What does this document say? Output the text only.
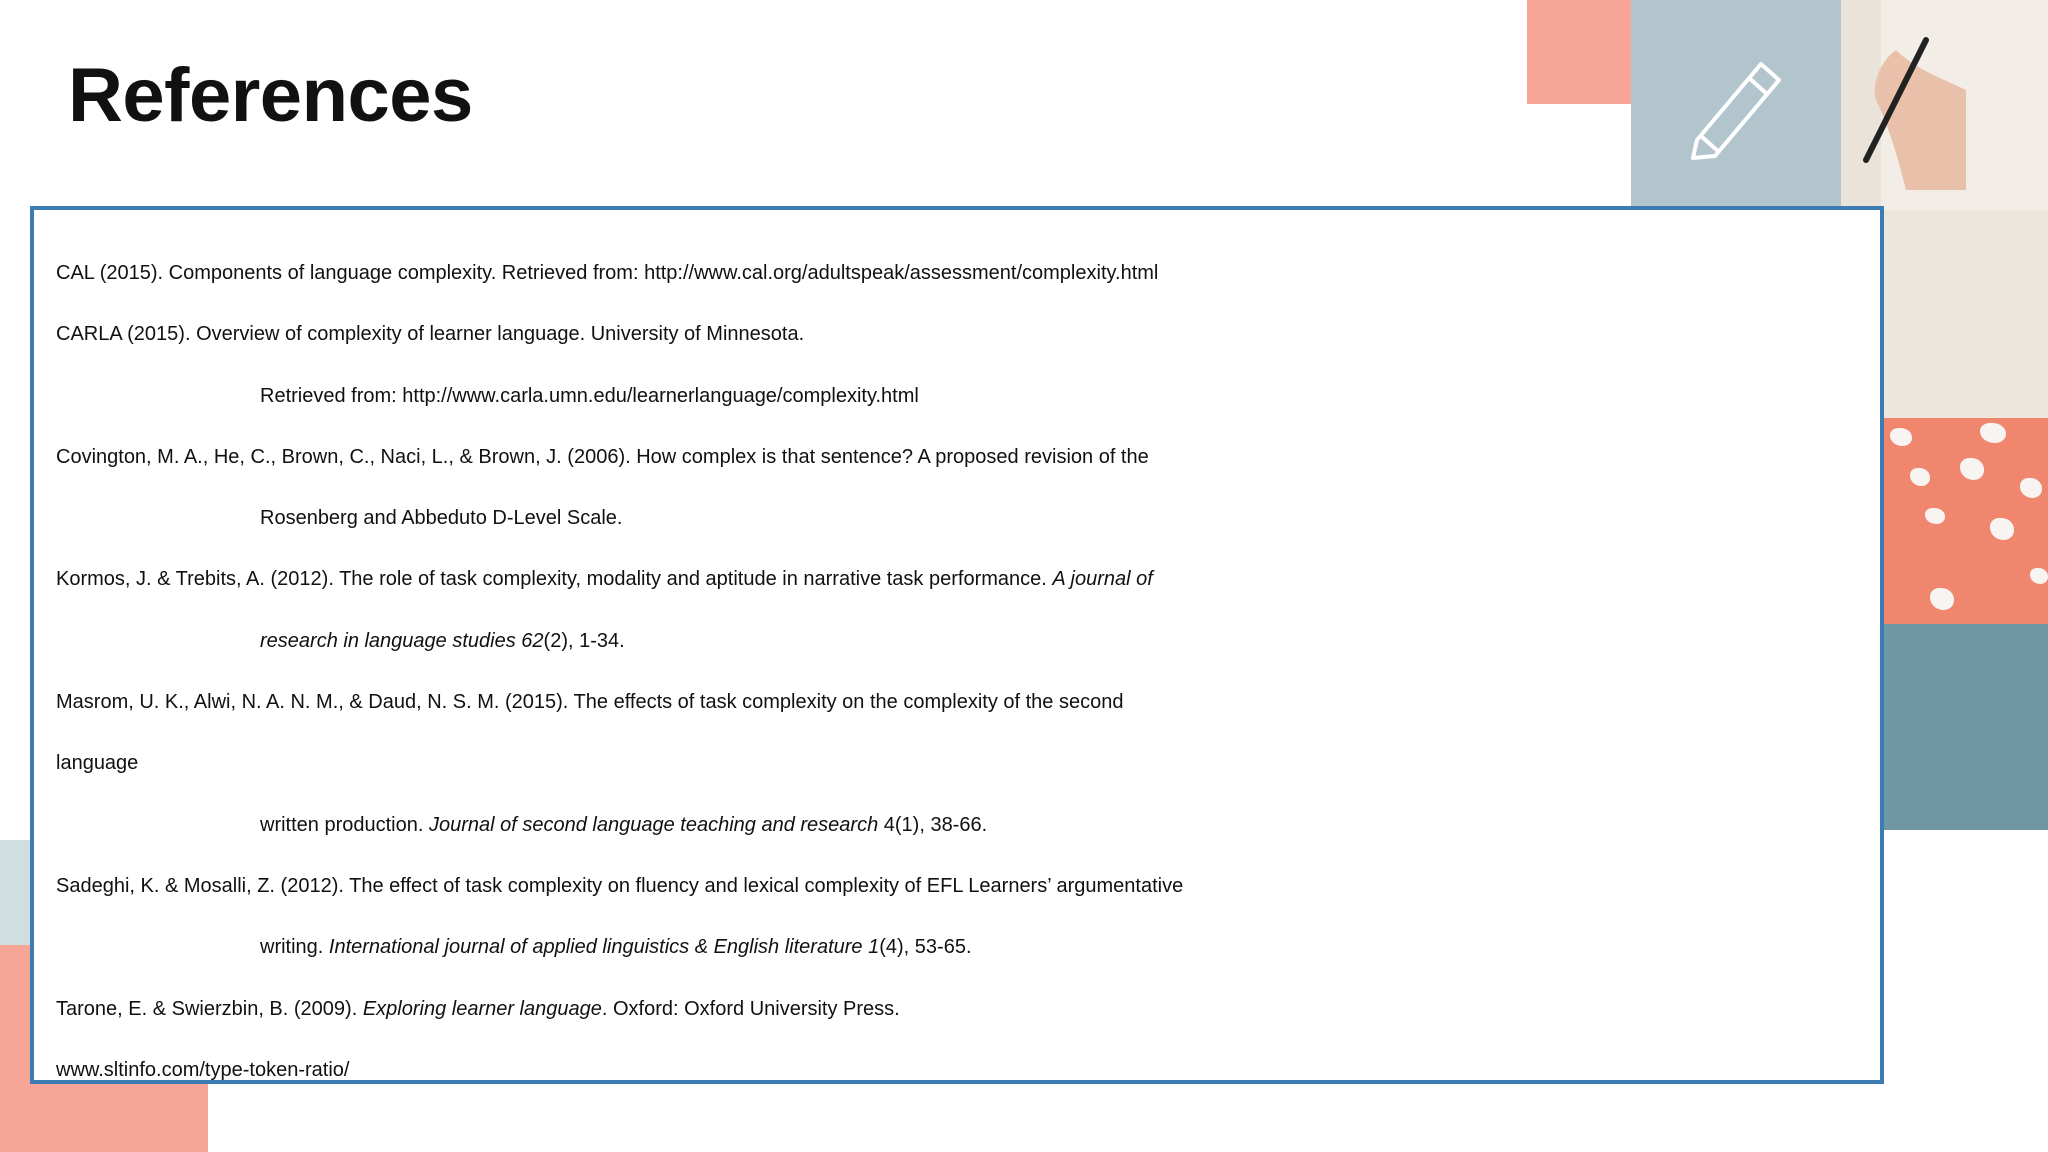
References
CAL (2015). Components of language complexity. Retrieved from: http://www.cal.org/adultspeak/assessment/complexity.html
CARLA (2015). Overview of complexity of learner language. University of Minnesota.
Retrieved from: http://www.carla.umn.edu/learnerlanguage/complexity.html
Covington, M. A., He, C., Brown, C., Naci, L., & Brown, J. (2006). How complex is that sentence? A proposed revision of the
Rosenberg and Abbeduto D-Level Scale.
Kormos, J. & Trebits, A. (2012). The role of task complexity, modality and aptitude in narrative task performance. A journal of
research in language studies 62(2), 1-34.
Masrom, U. K., Alwi, N. A. N. M., & Daud, N. S. M. (2015). The effects of task complexity on the complexity of the second
language
written production. Journal of second language teaching and research 4(1), 38-66.
Sadeghi, K. & Mosalli, Z. (2012). The effect of task complexity on fluency and lexical complexity of EFL Learners’ argumentative
writing. International journal of applied linguistics & English literature 1(4), 53-65.
Tarone, E. & Swierzbin, B. (2009). Exploring learner language. Oxford: Oxford University Press.
www.sltinfo.com/type-token-ratio/
